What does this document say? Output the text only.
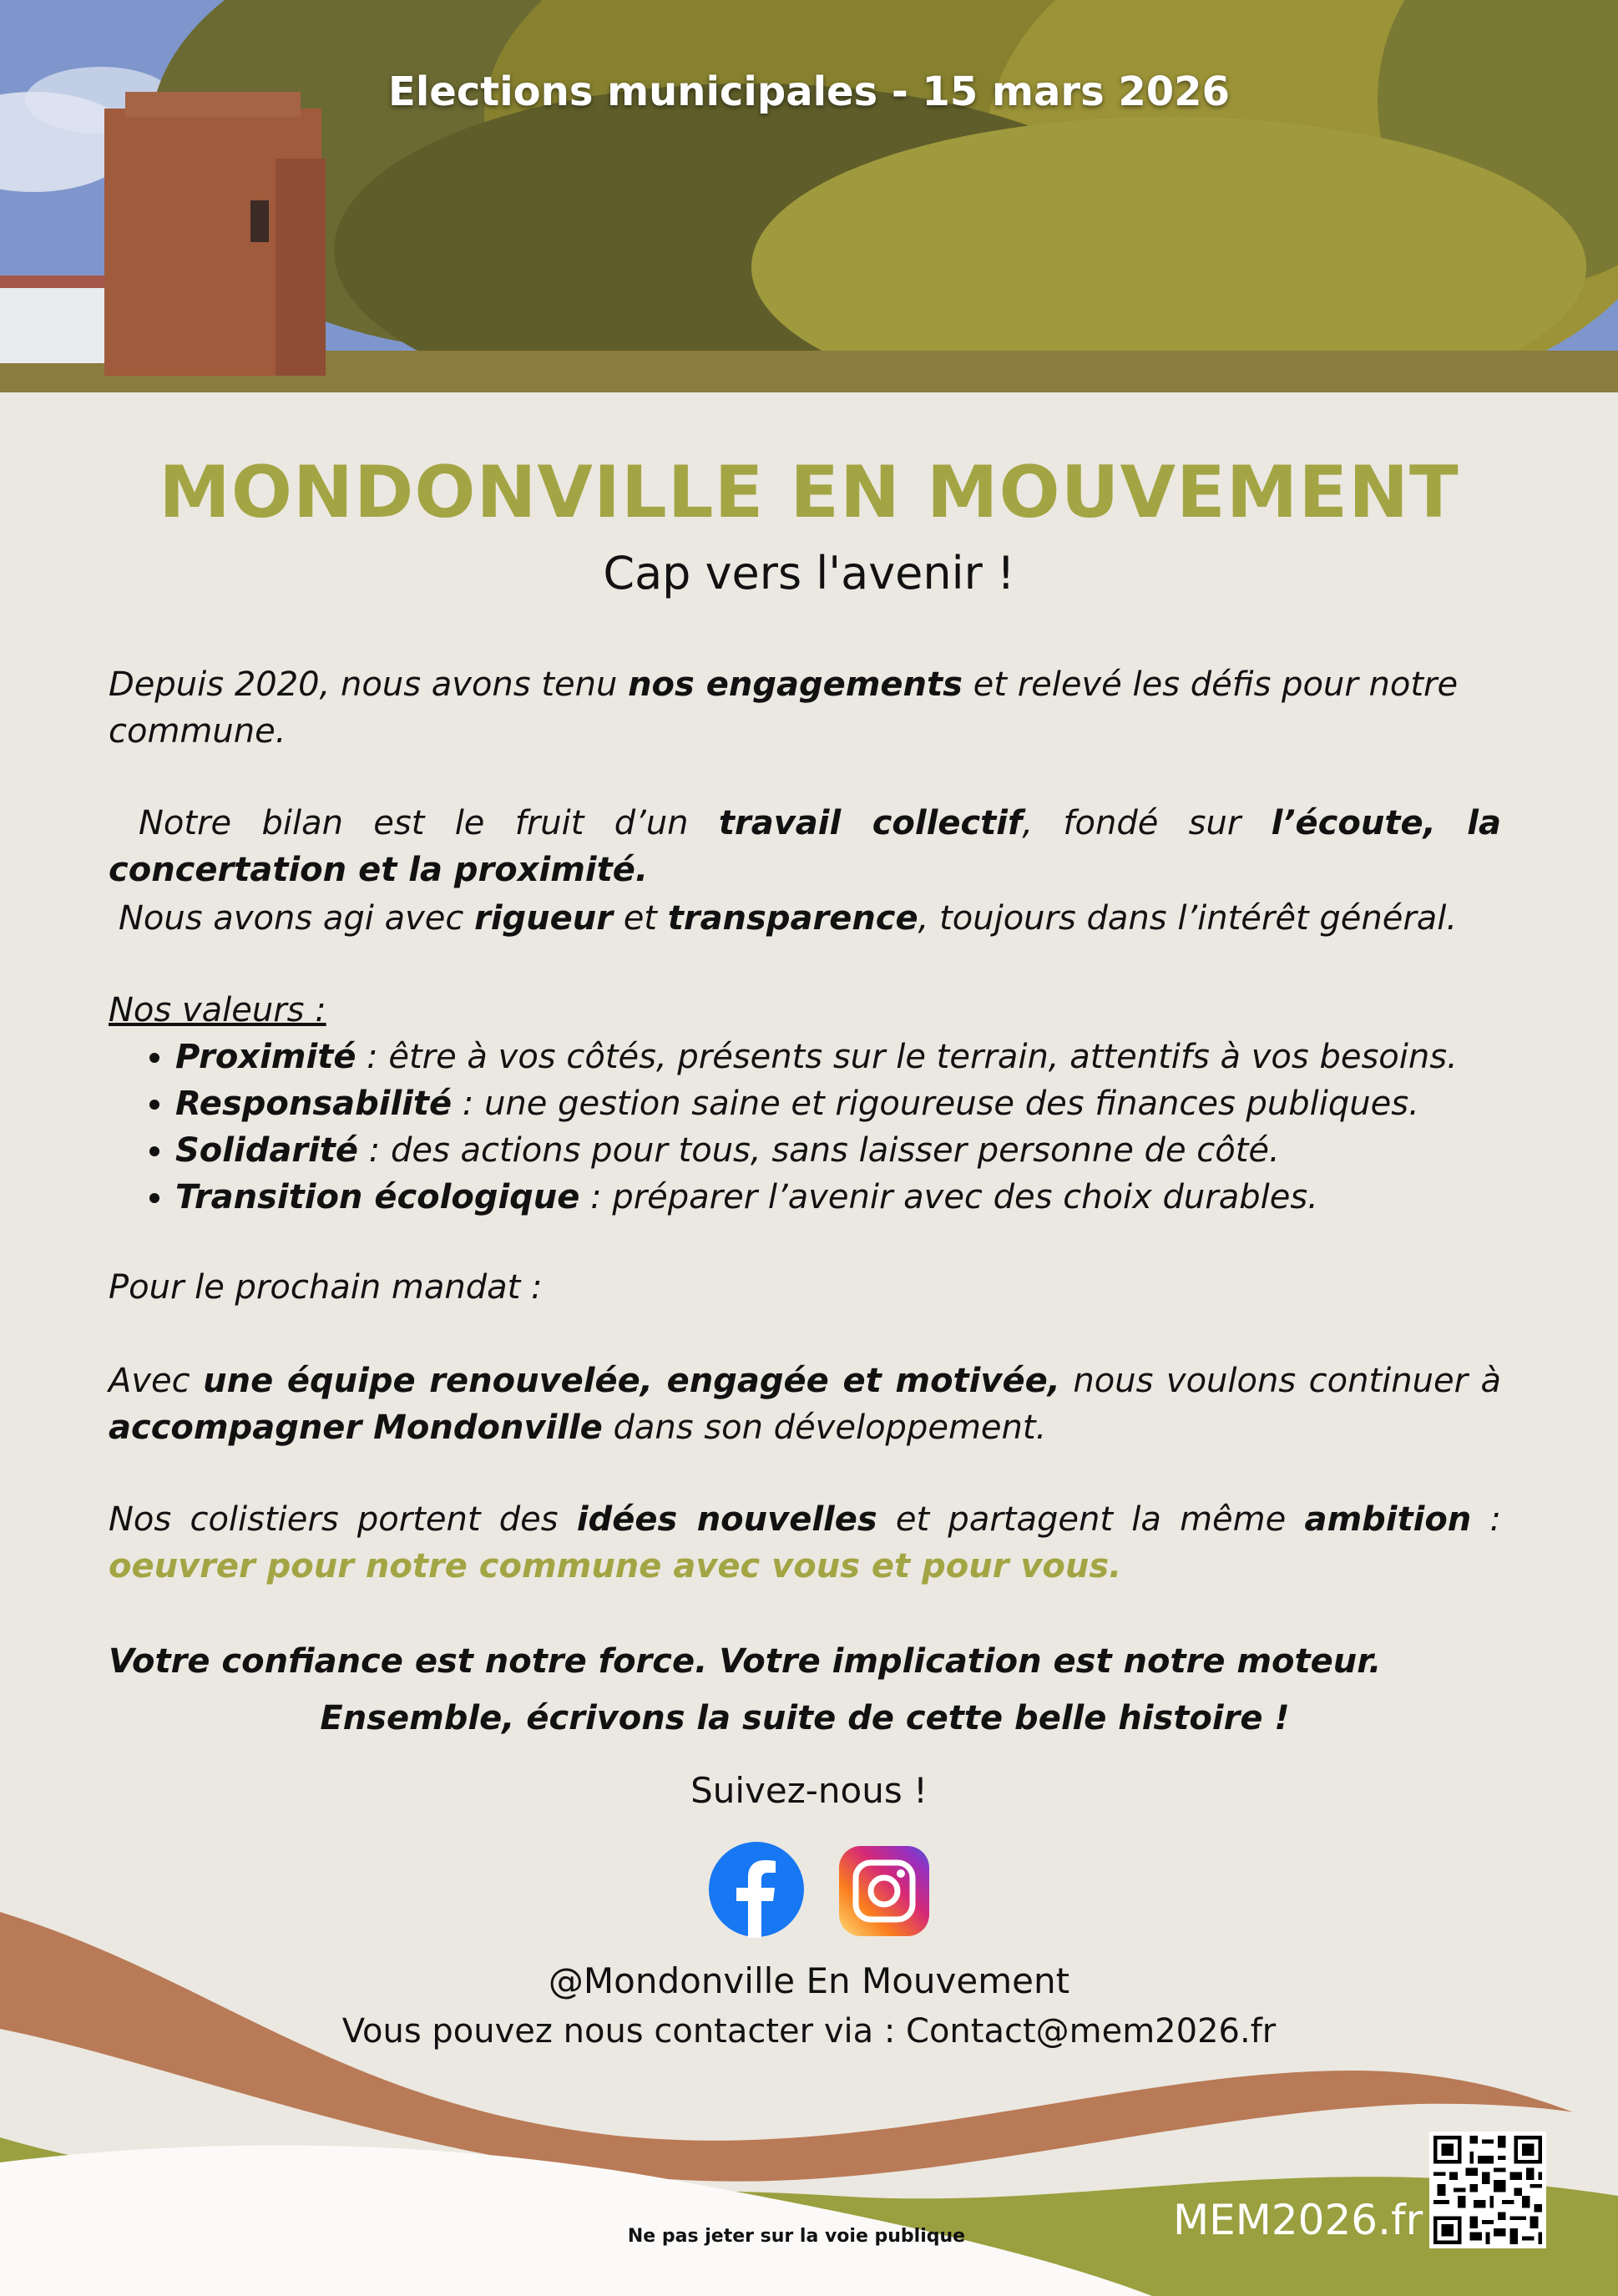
Elections municipales - 15 mars 2026
MONDONVILLE EN MOUVEMENT
Cap vers l'avenir !
Depuis 2020, nous avons tenu nos engagements et relevé les défis pour notre commune.
Notre bilan est le fruit d’un travail collectif, fondé sur l’écoute, la concertation et la proximité.
Nous avons agi avec rigueur et transparence, toujours dans l’intérêt général.
Nos valeurs :
• Proximité : être à vos côtés, présents sur le terrain, attentifs à vos besoins.
• Responsabilité : une gestion saine et rigoureuse des finances publiques.
• Solidarité : des actions pour tous, sans laisser personne de côté.
• Transition écologique : préparer l’avenir avec des choix durables.
Pour le prochain mandat :
Avec une équipe renouvelée, engagée et motivée, nous voulons continuer à accompagner Mondonville dans son développement.
Nos colistiers portent des idées nouvelles et partagent la même ambition : oeuvrer pour notre commune avec vous et pour vous.
Votre confiance est notre force. Votre implication est notre moteur.
Ensemble, écrivons la suite de cette belle histoire !
Suivez-nous !
@Mondonville En Mouvement
Vous pouvez nous contacter via : Contact@mem2026.fr
Ne pas jeter sur la voie publique	MEM2026.fr
